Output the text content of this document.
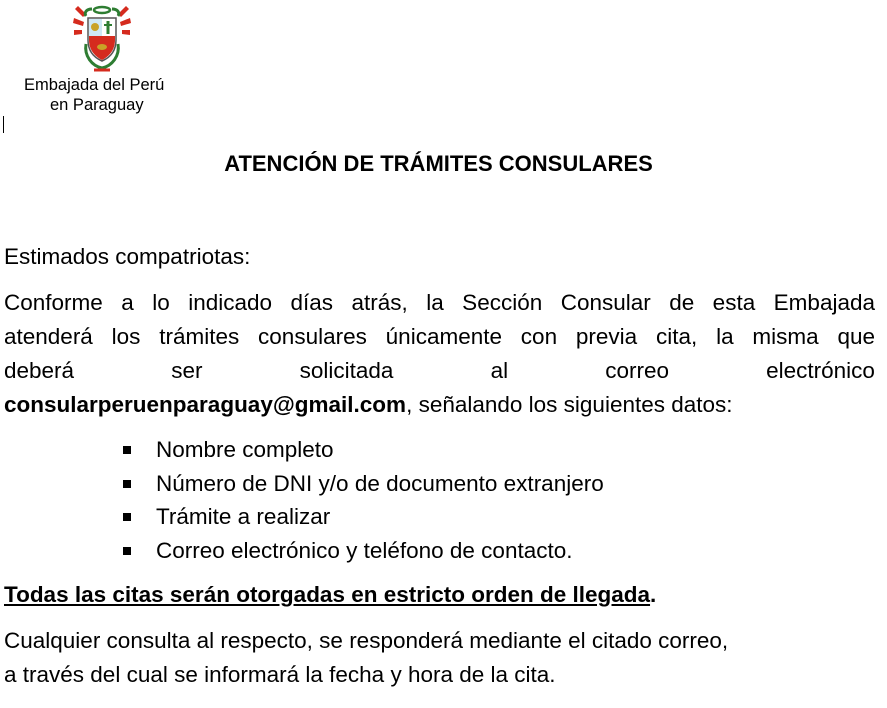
Embajada del Perú
en Paraguay
ATENCIÓN DE TRÁMITES CONSULARES

Estimados compatriotas:

Conforme a lo indicado días atrás, la Sección Consular de esta Embajada
atenderá los trámites consulares únicamente con previa cita, la misma que
deberá	ser	solicitada	al	correo	electrónico
consularperuenparaguay@gmail.com, señalando los siguientes datos:

Nombre completo
Número de DNI y/o de documento extranjero
Trámite a realizar
Correo electrónico y teléfono de contacto.

Todas las citas serán otorgadas en estricto orden de llegada.

Cualquier consulta al respecto, se responderá mediante el citado correo,
a través del cual se informará la fecha y hora de la cita.
